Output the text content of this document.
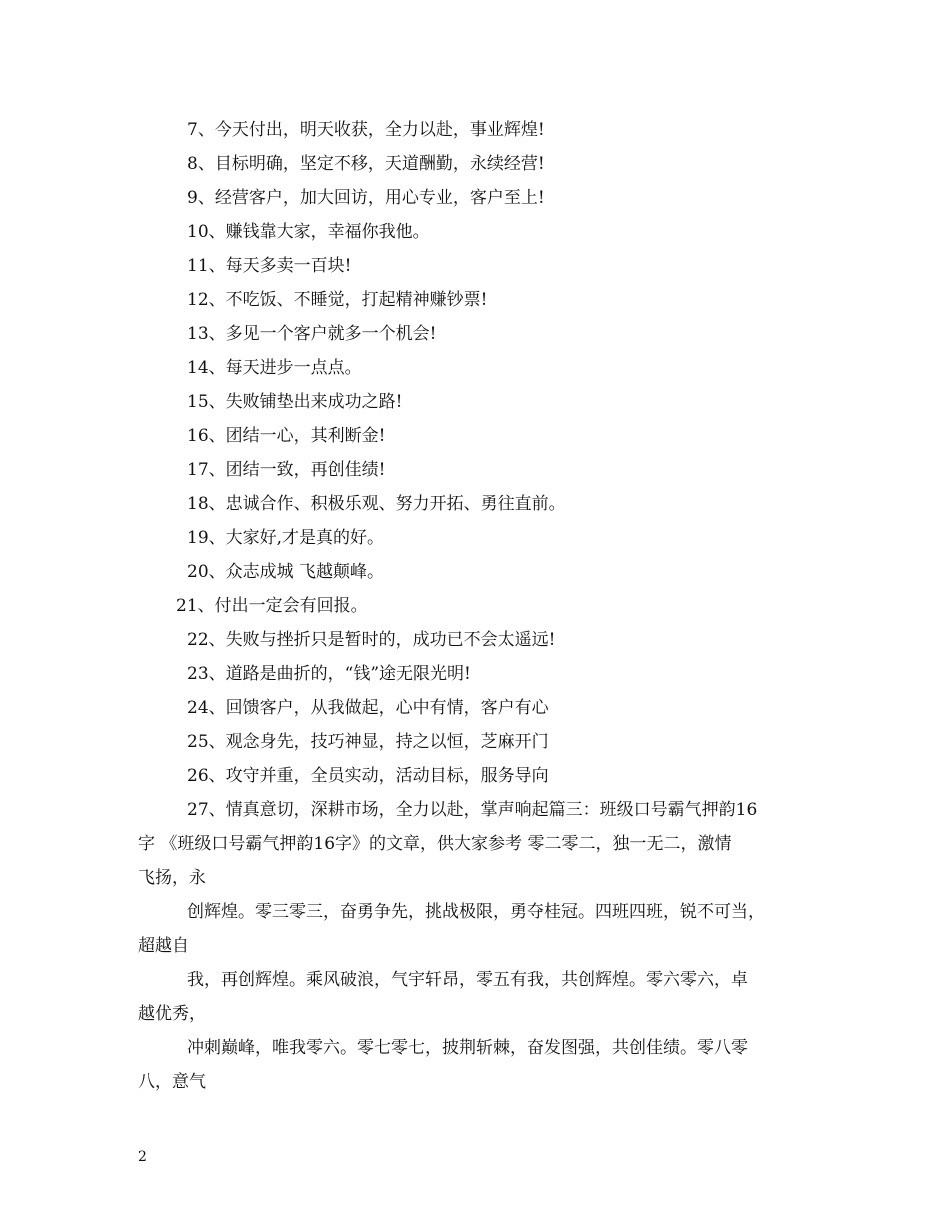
7、今天付出，明天收获，全力以赴，事业辉煌!
8、目标明确，坚定不移，天道酬勤，永续经营!
9、经营客户，加大回访，用心专业，客户至上!
10、赚钱靠大家，幸福你我他。
11、每天多卖一百块!
12、不吃饭、不睡觉，打起精神赚钞票!
13、多见一个客户就多一个机会!
14、每天进步一点点。
15、失败铺垫出来成功之路!
16、团结一心，其利断金!
17、团结一致，再创佳绩!
18、忠诚合作、积极乐观、努力开拓、勇往直前。
19、大家好,才是真的好。
20、众志成城 飞越颠峰。
21、付出一定会有回报。
22、失败与挫折只是暂时的，成功已不会太遥远!
23、道路是曲折的，“钱”途无限光明!
24、回馈客户，从我做起，心中有情，客户有心
25、观念身先，技巧神显，持之以恒，芝麻开门
26、攻守并重，全员实动，活动目标，服务导向
27、情真意切，深耕市场，全力以赴，掌声响起篇三：班级口号霸气押韵16
字 《班级口号霸气押韵16字》的文章，供大家参考 零二零二，独一无二，激情
飞扬，永
创辉煌。零三零三，奋勇争先，挑战极限，勇夺桂冠。四班四班，锐不可当，
超越自
我，再创辉煌。乘风破浪，气宇轩昂，零五有我，共创辉煌。零六零六，卓
越优秀，
冲刺巅峰，唯我零六。零七零七，披荆斩棘，奋发图强，共创佳绩。零八零
八，意气
2
